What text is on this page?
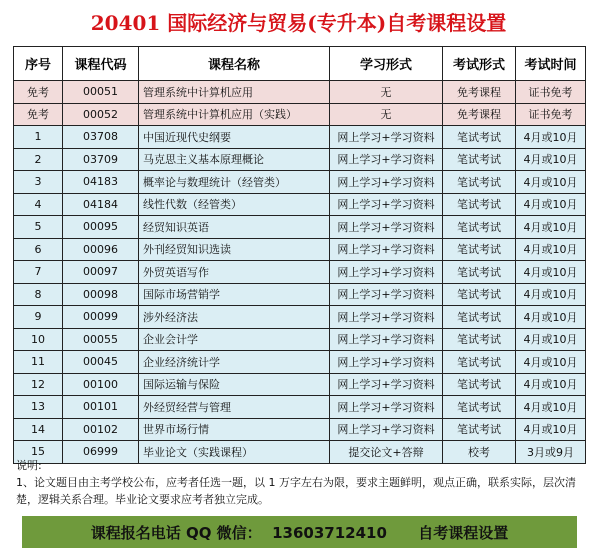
20401 国际经济与贸易(专升本)自考课程设置
序号	课程代码	课程名称	学习形式	考试形式	考试时间
免考	00051	管理系统中计算机应用	无	免考课程	证书免考
免考	00052	管理系统中计算机应用（实践）	无	免考课程	证书免考
1	03708	中国近现代史纲要	网上学习+学习资料	笔试考试	4月或10月
2	03709	马克思主义基本原理概论	网上学习+学习资料	笔试考试	4月或10月
3	04183	概率论与数理统计（经管类）	网上学习+学习资料	笔试考试	4月或10月
4	04184	线性代数（经管类）	网上学习+学习资料	笔试考试	4月或10月
5	00095	经贸知识英语	网上学习+学习资料	笔试考试	4月或10月
6	00096	外刊经贸知识选读	网上学习+学习资料	笔试考试	4月或10月
7	00097	外贸英语写作	网上学习+学习资料	笔试考试	4月或10月
8	00098	国际市场营销学	网上学习+学习资料	笔试考试	4月或10月
9	00099	涉外经济法	网上学习+学习资料	笔试考试	4月或10月
10	00055	企业会计学	网上学习+学习资料	笔试考试	4月或10月
11	00045	企业经济统计学	网上学习+学习资料	笔试考试	4月或10月
12	00100	国际运输与保险	网上学习+学习资料	笔试考试	4月或10月
13	00101	外经贸经营与管理	网上学习+学习资料	笔试考试	4月或10月
14	00102	世界市场行情	网上学习+学习资料	笔试考试	4月或10月
15	06999	毕业论文（实践课程）	提交论文+答辩	校考	3月或9月
说明:
1、论文题目由主考学校公布，应考者任选一题，以 1 万字左右为限，要求主题鲜明，观点正确，联系实际，层次清楚，逻辑关系合理。毕业论文要求应考者独立完成。
课程报名电话 QQ 微信：  13603712410      自考课程设置
